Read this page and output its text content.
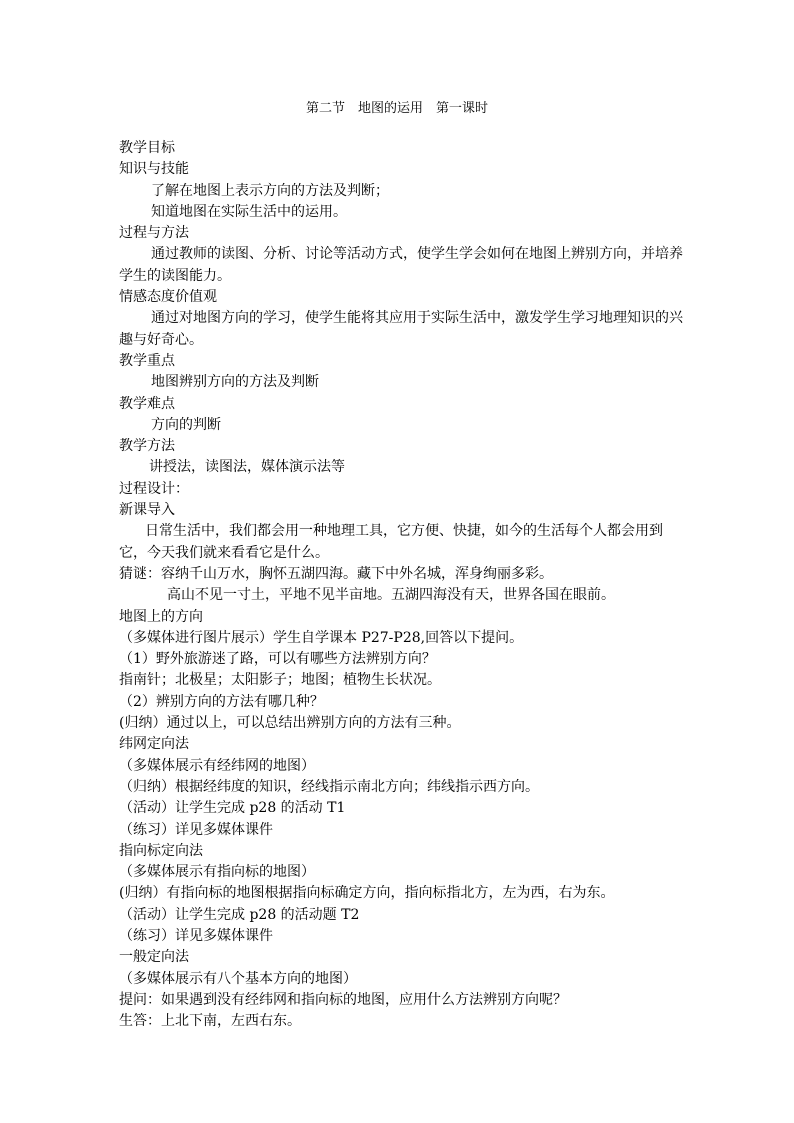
第二节　地图的运用　第一课时
教学目标
知识与技能
了解在地图上表示方向的方法及判断；
知道地图在实际生活中的运用。
过程与方法
通过教师的读图、分析、讨论等活动方式，使学生学会如何在地图上辨别方向，并培养学生的读图能力。
情感态度价值观
通过对地图方向的学习，使学生能将其应用于实际生活中，激发学生学习地理知识的兴趣与好奇心。
教学重点
地图辨别方向的方法及判断
教学难点
方向的判断
教学方法
讲授法，读图法，媒体演示法等
过程设计：
新课导入
日常生活中，我们都会用一种地理工具，它方便、快捷，如今的生活每个人都会用到它，今天我们就来看看它是什么。
猜谜：容纳千山万水，胸怀五湖四海。藏下中外名城，浑身绚丽多彩。
高山不见一寸土，平地不见半亩地。五湖四海没有天，世界各国在眼前。
地图上的方向
（多媒体进行图片展示）学生自学课本 P27-P28,回答以下提问。
（1）野外旅游迷了路，可以有哪些方法辨别方向？
指南针；北极星；太阳影子；地图；植物生长状况。
（2）辨别方向的方法有哪几种？
(归纳）通过以上，可以总结出辨别方向的方法有三种。
纬网定向法
（多媒体展示有经纬网的地图）
（归纳）根据经纬度的知识，经线指示南北方向；纬线指示西方向。
（活动）让学生完成 p28 的活动 T1
（练习）详见多媒体课件
指向标定向法
（多媒体展示有指向标的地图）
(归纳）有指向标的地图根据指向标确定方向，指向标指北方，左为西，右为东。
（活动）让学生完成 p28 的活动题 T2
（练习）详见多媒体课件
一般定向法
（多媒体展示有八个基本方向的地图）
提问：如果遇到没有经纬网和指向标的地图，应用什么方法辨别方向呢？
生答：上北下南，左西右东。
